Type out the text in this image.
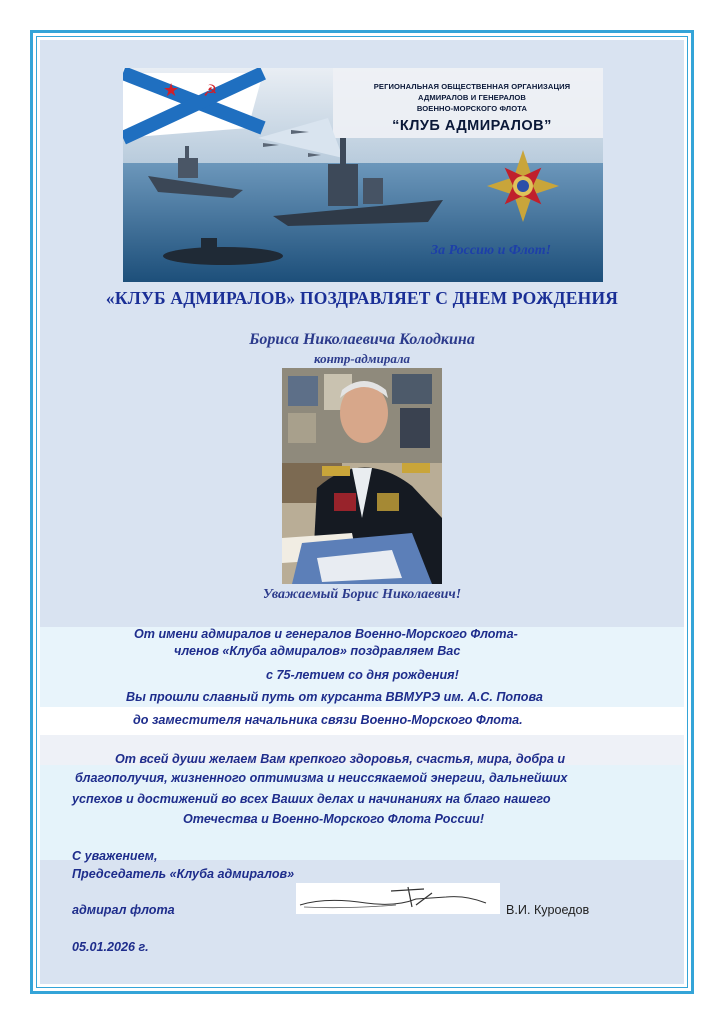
★ ☭	РЕГИОНАЛЬНАЯ ОБЩЕСТВЕННАЯ ОРГАНИЗАЦИЯ
АДМИРАЛОВ И ГЕНЕРАЛОВ
ВОЕННО-МОРСКОГО ФЛОТА
“КЛУБ АДМИРАЛОВ”
За Россию и Флот!
«КЛУБ АДМИРАЛОВ» ПОЗДРАВЛЯЕТ С ДНЕМ РОЖДЕНИЯ
Бориса Николаевича Колодкина
контр-адмирала
Уважаемый Борис Николаевич!
От имени адмиралов и генералов Военно-Морского Флота-
членов «Клуба адмиралов» поздравляем Вас
с 75-летием со дня рождения!
Вы прошли славный путь от курсанта ВВМУРЭ им. А.С. Попова
до заместителя начальника связи Военно-Морского Флота.
От всей души желаем Вам крепкого здоровья, счастья, мира, добра и
благополучия, жизненного оптимизма и неиссякаемой энергии, дальнейших
успехов и достижений во всех Ваших делах и начинаниях на благо нашего
Отечества и Военно-Морского Флота России!
С уважением,
Председатель «Клуба адмиралов»
адмирал флота	В.И. Куроедов
05.01.2026 г.
